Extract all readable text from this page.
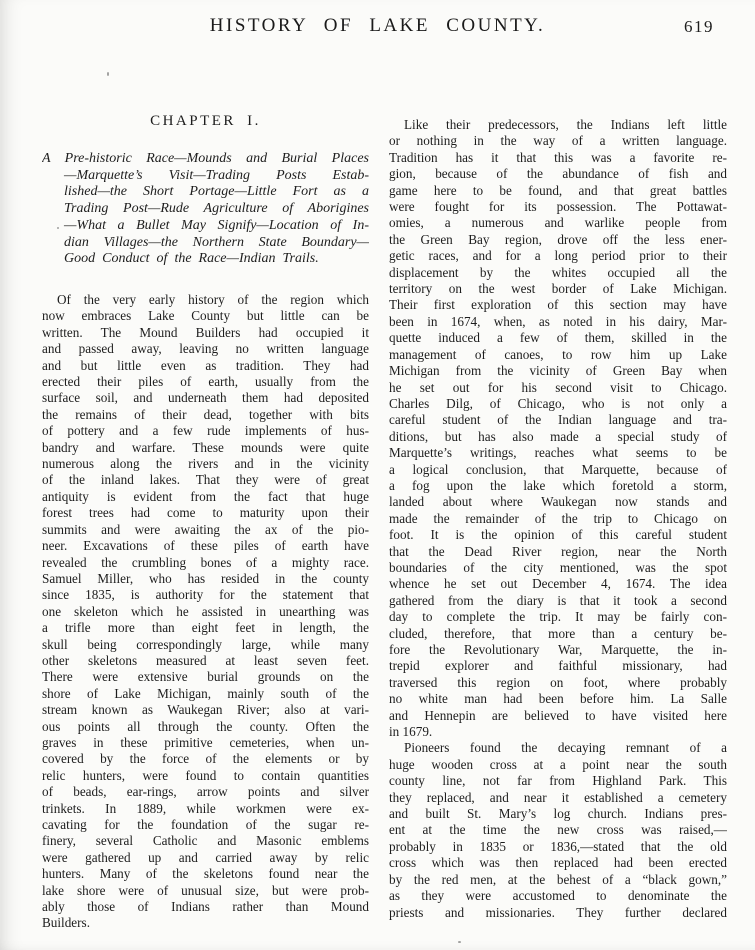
HISTORY OF LAKE COUNTY.	619
CHAPTER I.
A Pre-historic Race—Mounds and Burial Places
—Marquette’s Visit—Trading Posts Estab-
lished—the Short Portage—Little Fort as a
Trading Post—Rude Agriculture of Aborigines
—What a Bullet May Signify—Location of In-
dian Villages—the Northern State Boundary—
Good Conduct of the Race—Indian Trails.
Of the very early history of the region which
now embraces Lake County but little can be
written. The Mound Builders had occupied it
and passed away, leaving no written language
and but little even as tradition. They had
erected their piles of earth, usually from the
surface soil, and underneath them had deposited
the remains of their dead, together with bits
of pottery and a few rude implements of hus-
bandry and warfare. These mounds were quite
numerous along the rivers and in the vicinity
of the inland lakes. That they were of great
antiquity is evident from the fact that huge
forest trees had come to maturity upon their
summits and were awaiting the ax of the pio-
neer. Excavations of these piles of earth have
revealed the crumbling bones of a mighty race.
Samuel Miller, who has resided in the county
since 1835, is authority for the statement that
one skeleton which he assisted in unearthing was
a trifle more than eight feet in length, the
skull being correspondingly large, while many
other skeletons measured at least seven feet.
There were extensive burial grounds on the
shore of Lake Michigan, mainly south of the
stream known as Waukegan River; also at vari-
ous points all through the county. Often the
graves in these primitive cemeteries, when un-
covered by the force of the elements or by
relic hunters, were found to contain quantities
of beads, ear-rings, arrow points and silver
trinkets. In 1889, while workmen were ex-
cavating for the foundation of the sugar re-
finery, several Catholic and Masonic emblems
were gathered up and carried away by relic
hunters. Many of the skeletons found near the
lake shore were of unusual size, but were prob-
ably those of Indians rather than Mound
Builders.
Like their predecessors, the Indians left little
or nothing in the way of a written language.
Tradition has it that this was a favorite re-
gion, because of the abundance of fish and
game here to be found, and that great battles
were fought for its possession. The Pottawat-
omies, a numerous and warlike people from
the Green Bay region, drove off the less ener-
getic races, and for a long period prior to their
displacement by the whites occupied all the
territory on the west border of Lake Michigan.
Their first exploration of this section may have
been in 1674, when, as noted in his dairy, Mar-
quette induced a few of them, skilled in the
management of canoes, to row him up Lake
Michigan from the vicinity of Green Bay when
he set out for his second visit to Chicago.
Charles Dilg, of Chicago, who is not only a
careful student of the Indian language and tra-
ditions, but has also made a special study of
Marquette’s writings, reaches what seems to be
a logical conclusion, that Marquette, because of
a fog upon the lake which foretold a storm,
landed about where Waukegan now stands and
made the remainder of the trip to Chicago on
foot. It is the opinion of this careful student
that the Dead River region, near the North
boundaries of the city mentioned, was the spot
whence he set out December 4, 1674. The idea
gathered from the diary is that it took a second
day to complete the trip. It may be fairly con-
cluded, therefore, that more than a century be-
fore the Revolutionary War, Marquette, the in-
trepid explorer and faithful missionary, had
traversed this region on foot, where probably
no white man had been before him. La Salle
and Hennepin are believed to have visited here
in 1679.
Pioneers found the decaying remnant of a
huge wooden cross at a point near the south
county line, not far from Highland Park. This
they replaced, and near it established a cemetery
and built St. Mary’s log church. Indians pres-
ent at the time the new cross was raised,—
probably in 1835 or 1836,—stated that the old
cross which was then replaced had been erected
by the red men, at the behest of a “black gown,”
as they were accustomed to denominate the
priests and missionaries. They further declared
